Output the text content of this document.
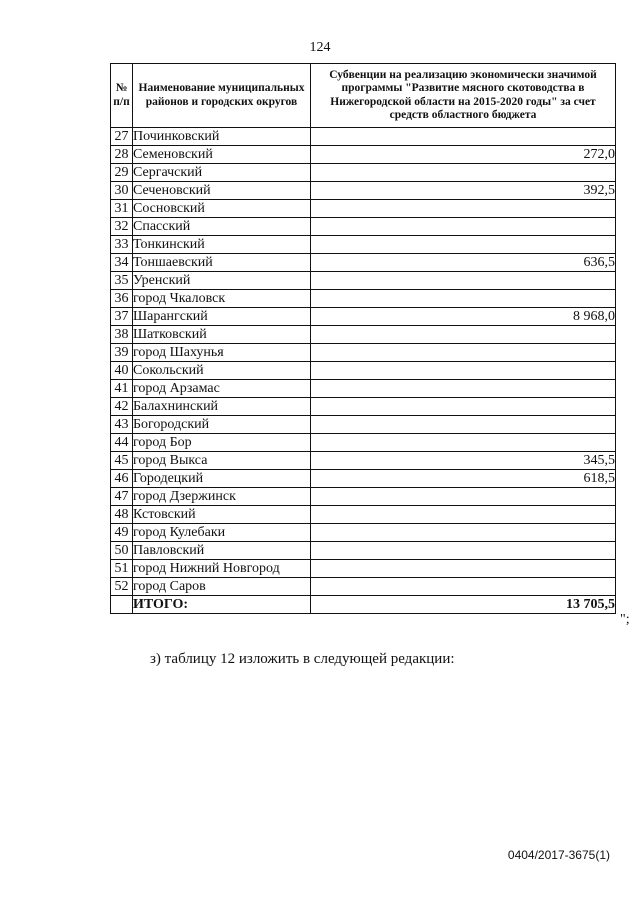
124
№ п/п	Наименование муниципальных районов и городских округов	Субвенции на реализацию экономически значимой программы "Развитие мясного скотоводства в Нижегородской области на 2015-2020 годы" за счет средств областного бюджета
27	Починковский	
28	Семеновский	272,0
29	Сергачский	
30	Сеченовский	392,5
31	Сосновский	
32	Спасский	
33	Тонкинский	
34	Тоншаевский	636,5
35	Уренский	
36	город Чкаловск	
37	Шарангский	8 968,0
38	Шатковский	
39	город Шахунья	
40	Сокольский	
41	город Арзамас	
42	Балахнинский	
43	Богородский	
44	город Бор	
45	город Выкса	345,5
46	Городецкий	618,5
47	город Дзержинск	
48	Кстовский	
49	город Кулебаки	
50	Павловский	
51	город Нижний Новгород	
52	город Саров	
	ИТОГО:	13 705,5
";
з) таблицу 12 изложить в следующей редакции:
0404/2017-3675(1)
